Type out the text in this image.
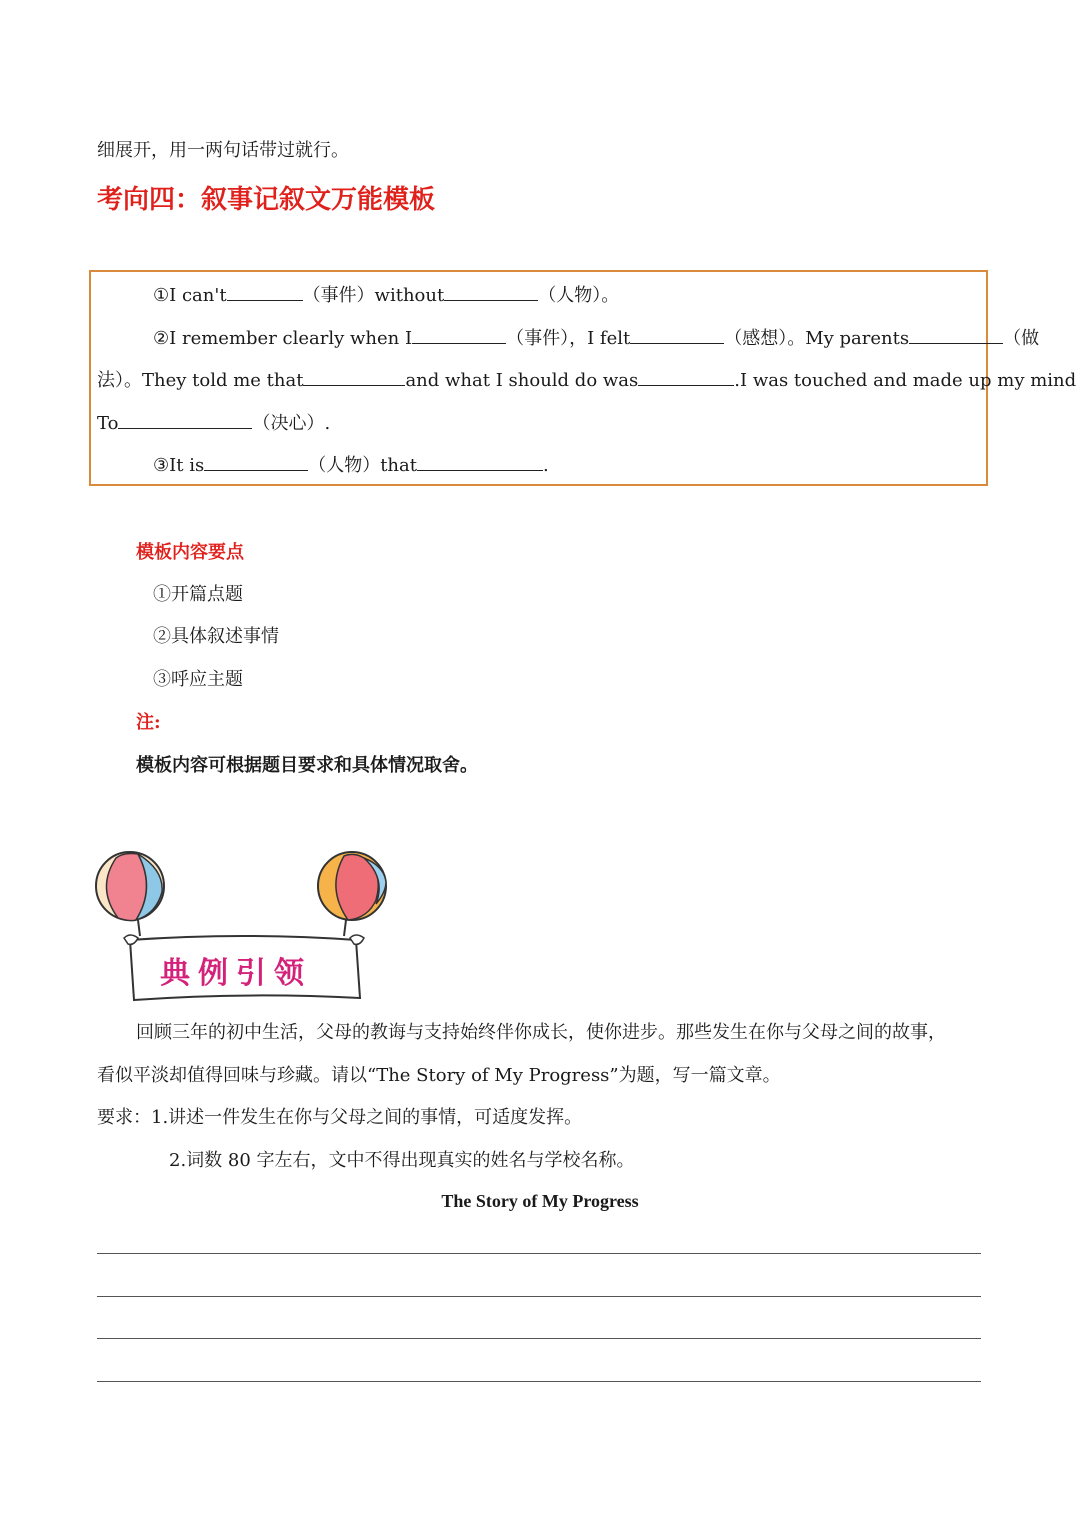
细展开，用一两句话带过就行。
考向四：叙事记叙文万能模板
①I can't	（事件）without	（人物）。
②I remember clearly when I	（事件），I felt	（感想）。My parents	（做
法）。They told me that	and what I should do was	.I was touched and made up my mind
To	（决心）.
③It is	（人物）that	.
模板内容要点
①开篇点题
②具体叙述事情
③呼应主题
注:
模板内容可根据题目要求和具体情况取舍。
典例引领
回顾三年的初中生活，父母的教诲与支持始终伴你成长，使你进步。那些发生在你与父母之间的故事，
看似平淡却值得回味与珍藏。请以“The Story of My Progress”为题，写一篇文章。
要求：1.讲述一件发生在你与父母之间的事情，可适度发挥。
2.词数 80 字左右，文中不得出现真实的姓名与学校名称。
The Story of My Progress
